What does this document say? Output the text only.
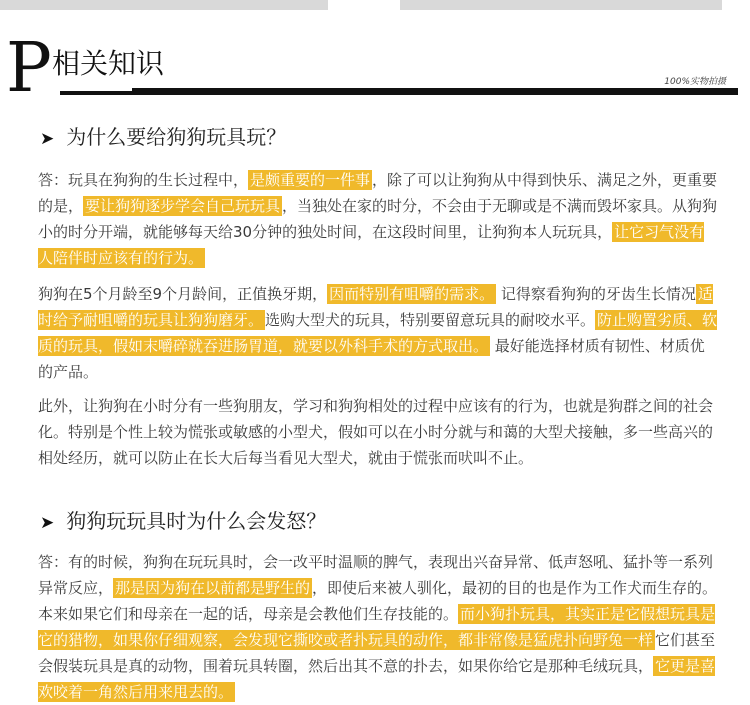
P 相关知识
100%实物拍摄
➤ 为什么要给狗狗玩具玩？
答：玩具在狗狗的生长过程中， 是颇重要的一件事 ，除了可以让狗狗从中得到快乐、满足之外，更重要的是， 要让狗狗逐步学会自己玩玩具 ，当独处在家的时分，不会由于无聊或是不满而毁坏家具。从狗狗小的时分开端，就能够每天给30分钟的独处时间，在这段时间里，让狗狗本人玩玩具， 让它习气没有人陪伴时应该有的行为。
狗狗在5个月龄至9个月龄间，正值换牙期， 因而特别有咀嚼的需求。 记得察看狗狗的牙齿生长情况 适时给予耐咀嚼的玩具让狗狗磨牙。 选购大型犬的玩具，特别要留意玩具的耐咬水平。 防止购置劣质、软质的玩具，假如末嚼碎就吞进肠胃道，就要以外科手术的方式取出。 最好能选择材质有韧性、材质优的产品。
此外，让狗狗在小时分有一些狗朋友，学习和狗狗相处的过程中应该有的行为，也就是狗群之间的社会化。特别是个性上较为慌张或敏感的小型犬，假如可以在小时分就与和蔼的大型犬接触，多一些高兴的相处经历，就可以防止在长大后每当看见大型犬，就由于慌张而吠叫不止。
➤ 狗狗玩玩具时为什么会发怒？
答：有的时候，狗狗在玩玩具时，会一改平时温顺的脾气，表现出兴奋异常、低声怒吼、猛扑等一系列异常反应， 那是因为狗在以前都是野生的 ，即使后来被人驯化，最初的目的也是作为工作犬而生存的。本来如果它们和母亲在一起的话，母亲是会教他们生存技能的。 而小狗扑玩具，其实正是它假想玩具是它的猎物，如果你仔细观察，会发现它撕咬或者扑玩具的动作，都非常像是猛虎扑向野兔一样 它们甚至会假装玩具是真的动物，围着玩具转圈，然后出其不意的扑去，如果你给它是那种毛绒玩具， 它更是喜欢咬着一角然后用来甩去的。
